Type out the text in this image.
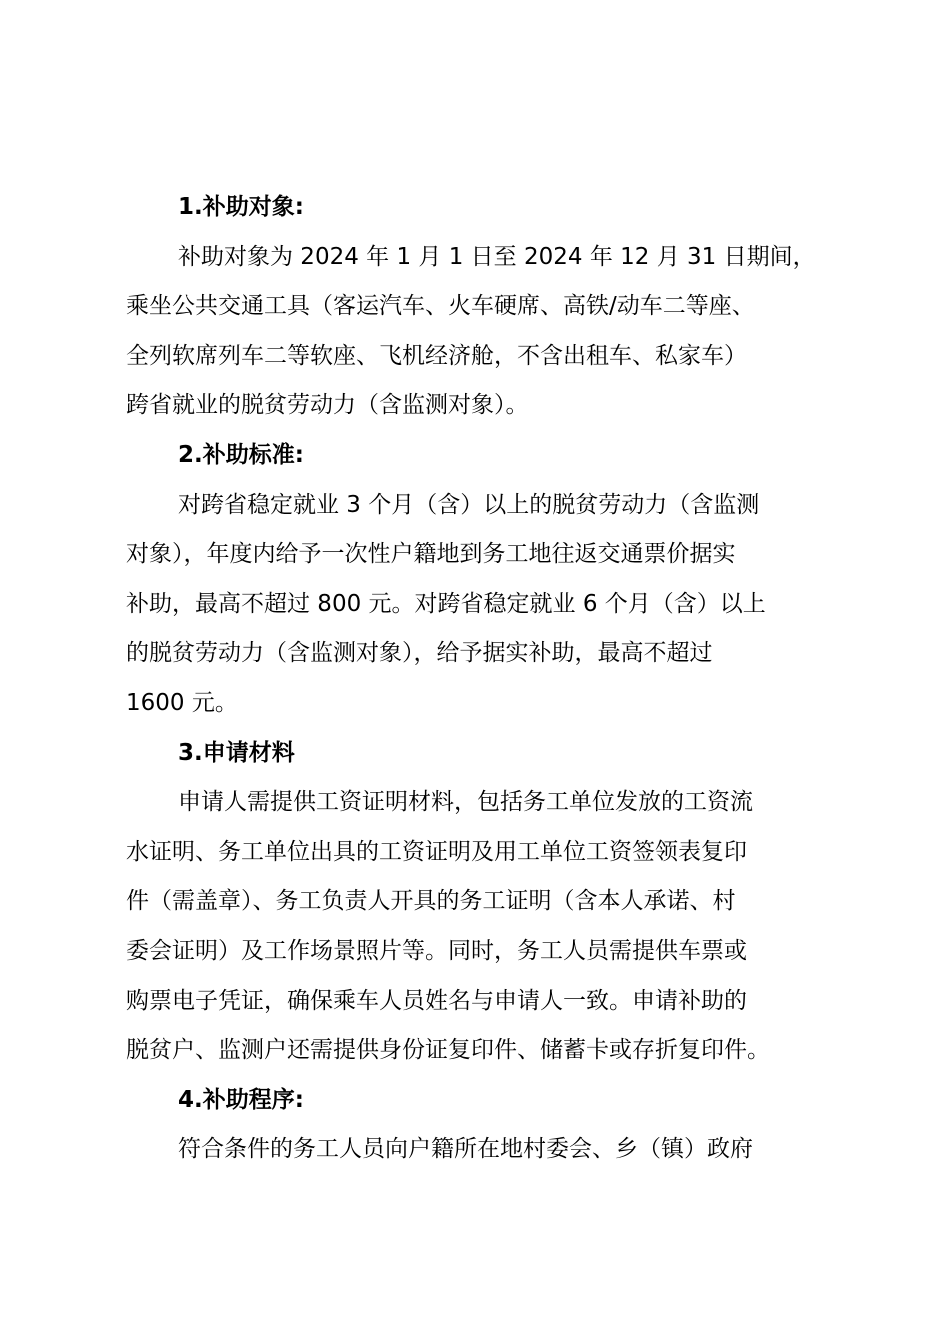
1.补助对象:

补助对象为 2024 年 1 月 1 日至 2024 年 12 月 31 日期间，
乘坐公共交通工具（客运汽车、火车硬席、高铁/动车二等座、
全列软席列车二等软座、飞机经济舱，不含出租车、私家车）
跨省就业的脱贫劳动力（含监测对象）。

2.补助标准:

对跨省稳定就业 3 个月（含）以上的脱贫劳动力（含监测
对象），年度内给予一次性户籍地到务工地往返交通票价据实
补助，最高不超过 800 元。对跨省稳定就业 6 个月（含）以上
的脱贫劳动力（含监测对象），给予据实补助，最高不超过
1600 元。

3.申请材料

申请人需提供工资证明材料，包括务工单位发放的工资流
水证明、务工单位出具的工资证明及用工单位工资签领表复印
件（需盖章）、务工负责人开具的务工证明（含本人承诺、村
委会证明）及工作场景照片等。同时，务工人员需提供车票或
购票电子凭证，确保乘车人员姓名与申请人一致。申请补助的
脱贫户、监测户还需提供身份证复印件、储蓄卡或存折复印件。

4.补助程序:

符合条件的务工人员向户籍所在地村委会、乡（镇）政府
